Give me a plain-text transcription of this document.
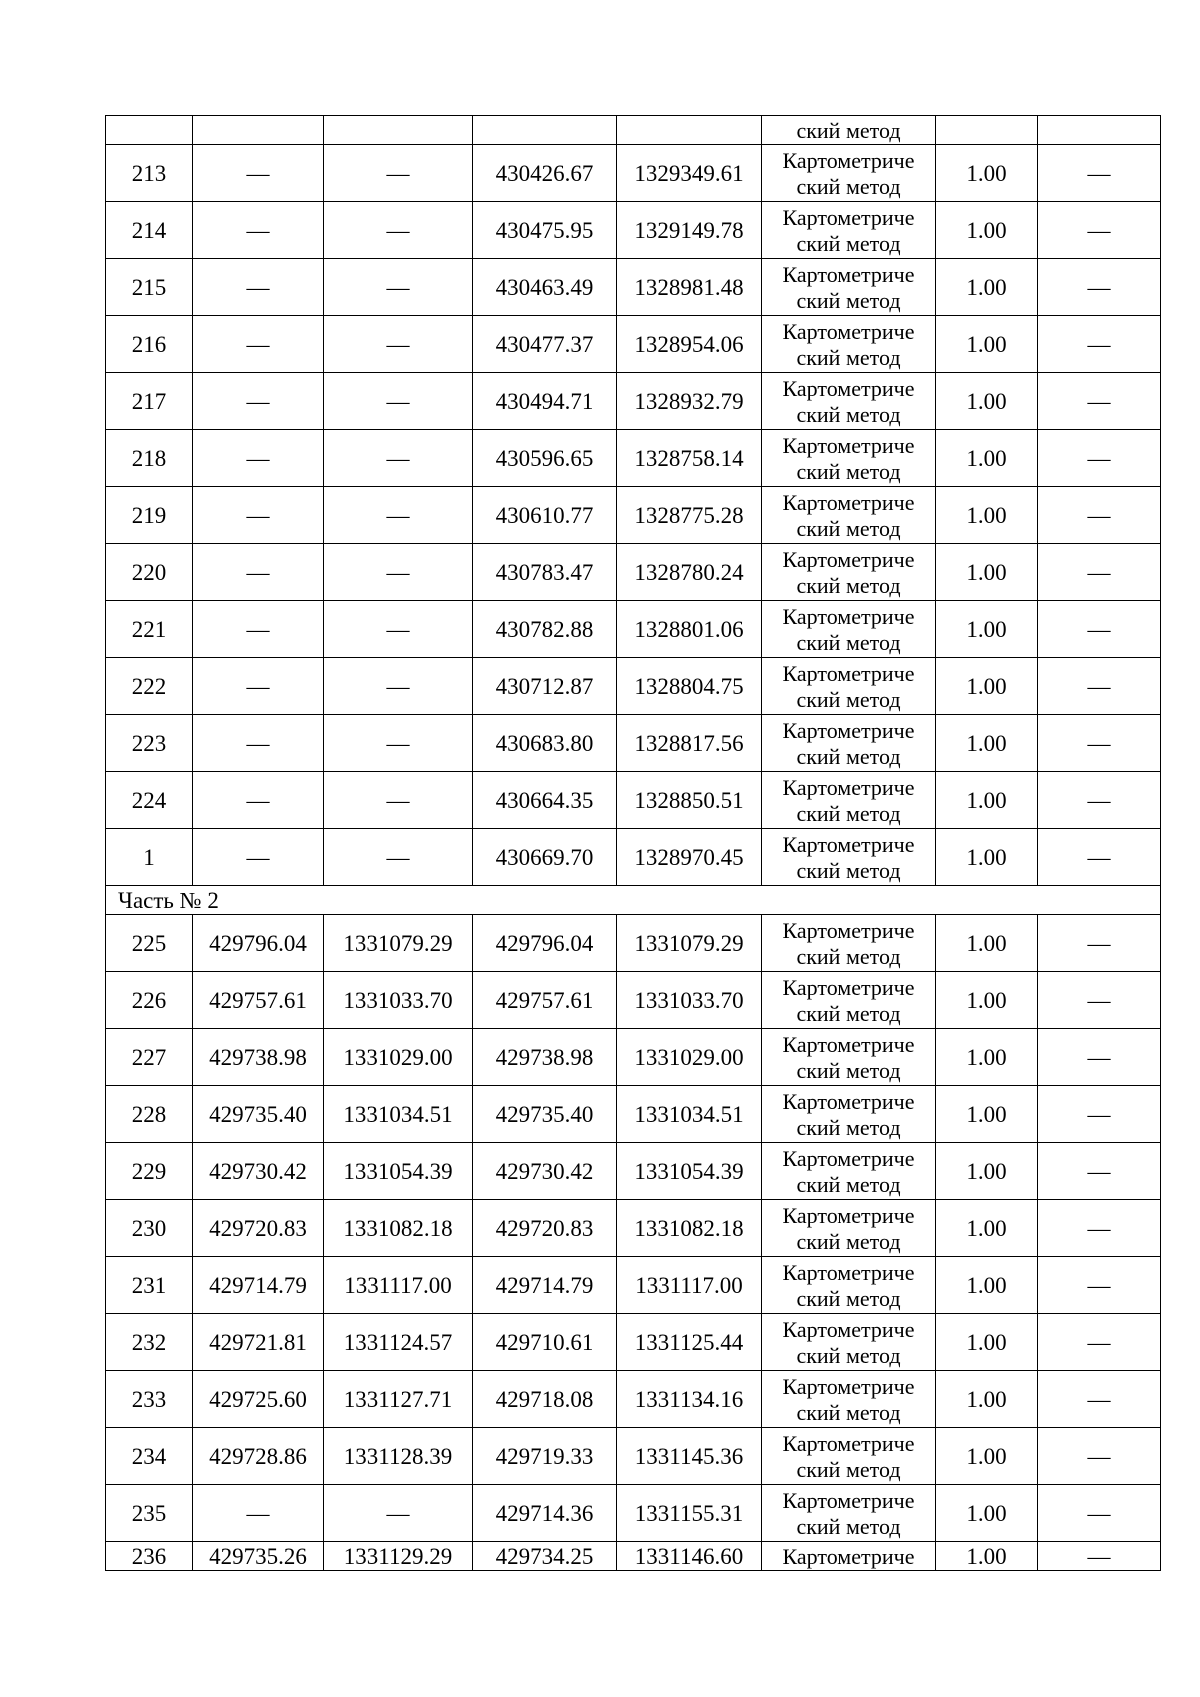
					ский метод		

213	—	—	430426.67	1329349.61	Картометриче
ский метод	1.00	—
214	—	—	430475.95	1329149.78	Картометриче
ский метод	1.00	—
215	—	—	430463.49	1328981.48	Картометриче
ский метод	1.00	—
216	—	—	430477.37	1328954.06	Картометриче
ский метод	1.00	—
217	—	—	430494.71	1328932.79	Картометриче
ский метод	1.00	—
218	—	—	430596.65	1328758.14	Картометриче
ский метод	1.00	—
219	—	—	430610.77	1328775.28	Картометриче
ский метод	1.00	—
220	—	—	430783.47	1328780.24	Картометриче
ский метод	1.00	—
221	—	—	430782.88	1328801.06	Картометриче
ский метод	1.00	—
222	—	—	430712.87	1328804.75	Картометриче
ский метод	1.00	—
223	—	—	430683.80	1328817.56	Картометриче
ский метод	1.00	—
224	—	—	430664.35	1328850.51	Картометриче
ский метод	1.00	—
1	—	—	430669.70	1328970.45	Картометриче
ский метод	1.00	—
Часть № 2							
225	429796.04	1331079.29	429796.04	1331079.29	Картометриче
ский метод	1.00	—
226	429757.61	1331033.70	429757.61	1331033.70	Картометриче
ский метод	1.00	—
227	429738.98	1331029.00	429738.98	1331029.00	Картометриче
ский метод	1.00	—
228	429735.40	1331034.51	429735.40	1331034.51	Картометриче
ский метод	1.00	—
229	429730.42	1331054.39	429730.42	1331054.39	Картометриче
ский метод	1.00	—
230	429720.83	1331082.18	429720.83	1331082.18	Картометриче
ский метод	1.00	—
231	429714.79	1331117.00	429714.79	1331117.00	Картометриче
ский метод	1.00	—
232	429721.81	1331124.57	429710.61	1331125.44	Картометриче
ский метод	1.00	—
233	429725.60	1331127.71	429718.08	1331134.16	Картометриче
ский метод	1.00	—
234	429728.86	1331128.39	429719.33	1331145.36	Картометриче
ский метод	1.00	—
235	—	—	429714.36	1331155.31	Картометриче
ский метод	1.00	—
236	429735.26	1331129.29	429734.25	1331146.60	Картометриче	1.00	—
